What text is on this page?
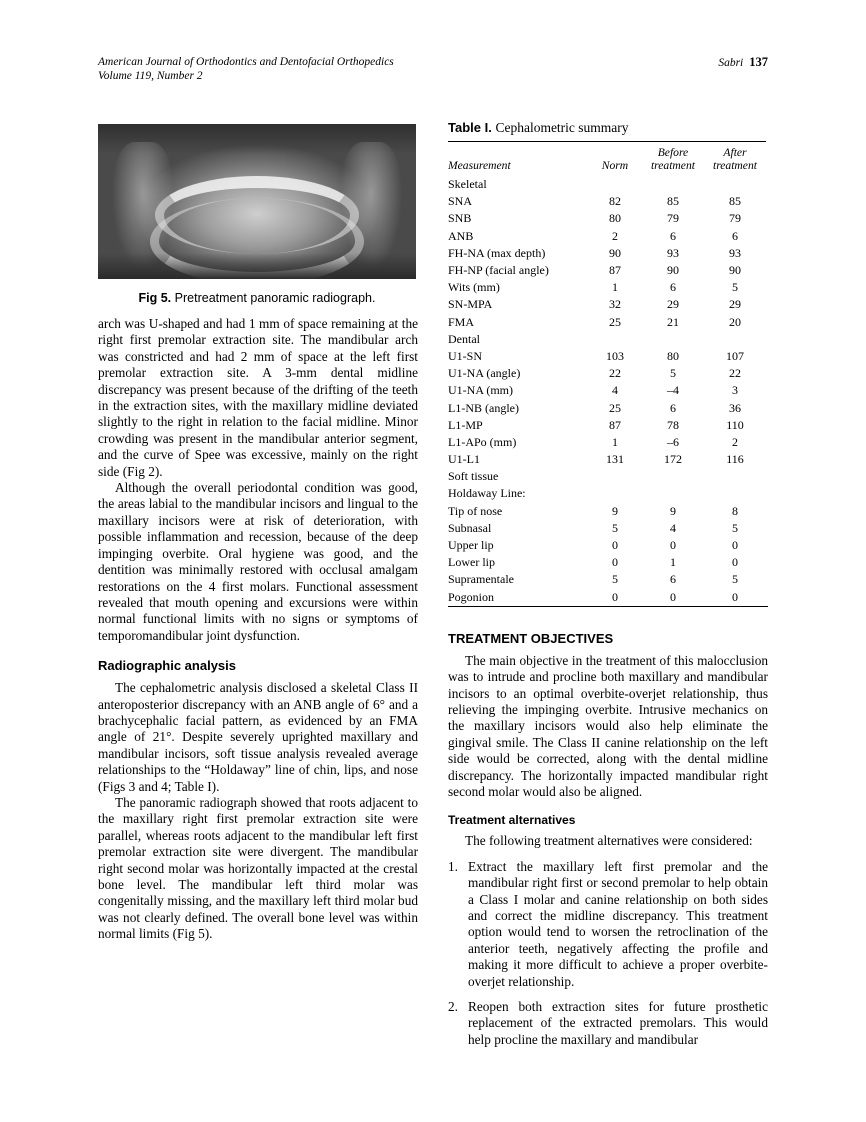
American Journal of Orthodontics and Dentofacial Orthopedics
Volume 119, Number 2
Sabri 137
Fig 5. Pretreatment panoramic radiograph.

arch was U-shaped and had 1 mm of space remaining at the right first premolar extraction site. The mandibular arch was constricted and had 2 mm of space at the left first premolar extraction site. A 3-mm dental midline discrepancy was present because of the drifting of the teeth in the extraction sites, with the maxillary midline deviated slightly to the right in relation to the facial midline. Minor crowding was present in the mandibular anterior segment, and the curve of Spee was excessive, mainly on the right side (Fig 2).

Although the overall periodontal condition was good, the areas labial to the mandibular incisors and lingual to the maxillary incisors were at risk of deterioration, with possible inflammation and recession, because of the deep impinging overbite. Oral hygiene was good, and the dentition was minimally restored with occlusal amalgam restorations on the 4 first molars. Functional assessment revealed that mouth opening and excursions were within normal functional limits with no signs or symptoms of temporomandibular joint dysfunction.

Radiographic analysis

The cephalometric analysis disclosed a skeletal Class II anteroposterior discrepancy with an ANB angle of 6° and a brachycephalic facial pattern, as evidenced by an FMA angle of 21°. Despite severely uprighted maxillary and mandibular incisors, soft tissue analysis revealed average relationships to the “Holdaway” line of chin, lips, and nose (Figs 3 and 4; Table I).

The panoramic radiograph showed that roots adjacent to the maxillary right first premolar extraction site were parallel, whereas roots adjacent to the mandibular left first premolar extraction site were divergent. The mandibular right second molar was horizontally impacted at the crestal bone level. The mandibular left third molar was congenitally missing, and the maxillary left third molar bud was not clearly defined. The overall bone level was within normal limits (Fig 5).

Table I. Cephalometric summary
		Before	After
Measurement	Norm	treatment	treatment
Skeletal			
SNA	82	85	85
SNB	80	79	79
ANB	2	6	6
FH-NA (max depth)	90	93	93
FH-NP (facial angle)	87	90	90
Wits (mm)	1	6	5
SN-MPA	32	29	29
FMA	25	21	20
Dental			
U1-SN	103	80	107
U1-NA (angle)	22	5	22
U1-NA (mm)	4	–4	3
L1-NB (angle)	25	6	36
L1-MP	87	78	110
L1-APo (mm)	1	–6	2
U1-L1	131	172	116
Soft tissue			
Holdaway Line:			
Tip of nose	9	9	8
Subnasal	5	4	5
Upper lip	0	0	0
Lower lip	0	1	0
Supramentale	5	6	5
Pogonion	0	0	0
TREATMENT OBJECTIVES

The main objective in the treatment of this malocclusion was to intrude and procline both maxillary and mandibular incisors to an optimal overbite-overjet relationship, thus relieving the impinging overbite. Intrusive mechanics on the maxillary incisors would also help eliminate the gingival smile. The Class II canine relationship on the left side would be corrected, along with the dental midline discrepancy. The horizontally impacted mandibular right second molar would also be aligned.

Treatment alternatives

The following treatment alternatives were considered:

1. Extract the maxillary left first premolar and the mandibular right first or second premolar to help obtain a Class I molar and canine relationship on both sides and correct the midline discrepancy. This treatment option would tend to worsen the retroclination of the anterior teeth, negatively affecting the profile and making it more difficult to achieve a proper overbite-overjet relationship.
2. Reopen both extraction sites for future prosthetic replacement of the extracted premolars. This would help procline the maxillary and mandibular
